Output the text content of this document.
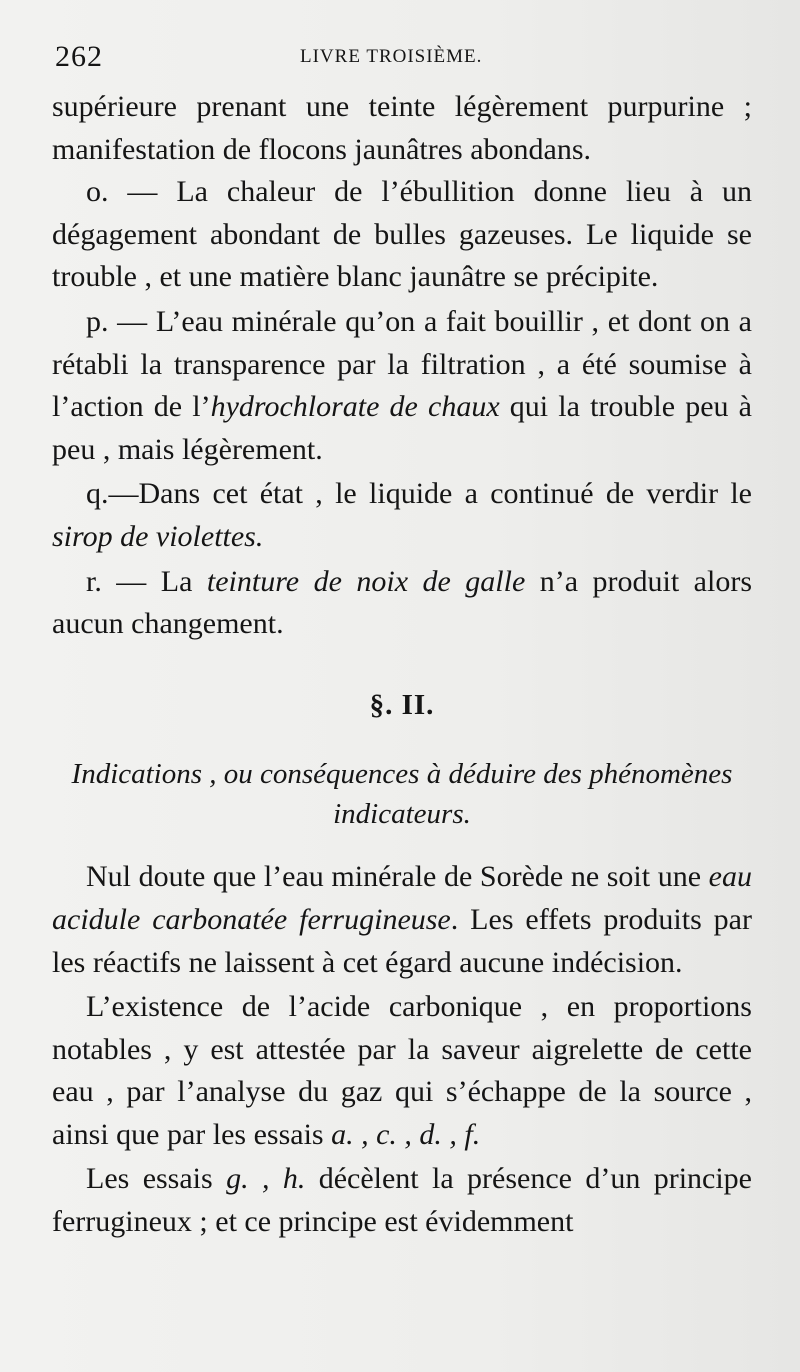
262	LIVRE TROISIÈME.

supérieure prenant une teinte légèrement purpurine ; manifestation de flocons jaunâtres abondans.

o. — La chaleur de l’ébullition donne lieu à un dégagement abondant de bulles gazeuses. Le liquide se trouble , et une matière blanc jaunâtre se précipite.

p. — L’eau minérale qu’on a fait bouillir , et dont on a rétabli la transparence par la filtration , a été soumise à l’action de l’hydrochlorate de chaux qui la trouble peu à peu , mais légèrement.

q.—Dans cet état , le liquide a continué de verdir le sirop de violettes.

r. — La teinture de noix de galle n’a produit alors aucun changement.

§. II.
Indications , ou conséquences à déduire des phénomènes indicateurs.

Nul doute que l’eau minérale de Sorède ne soit une eau acidule carbonatée ferrugineuse. Les effets produits par les réactifs ne laissent à cet égard aucune indécision.

L’existence de l’acide carbonique , en proportions notables , y est attestée par la saveur aigrelette de cette eau , par l’analyse du gaz qui s’échappe de la source , ainsi que par les essais a. , c. , d. , f.

Les essais g. , h. décèlent la présence d’un principe ferrugineux ; et ce principe est évidemment
